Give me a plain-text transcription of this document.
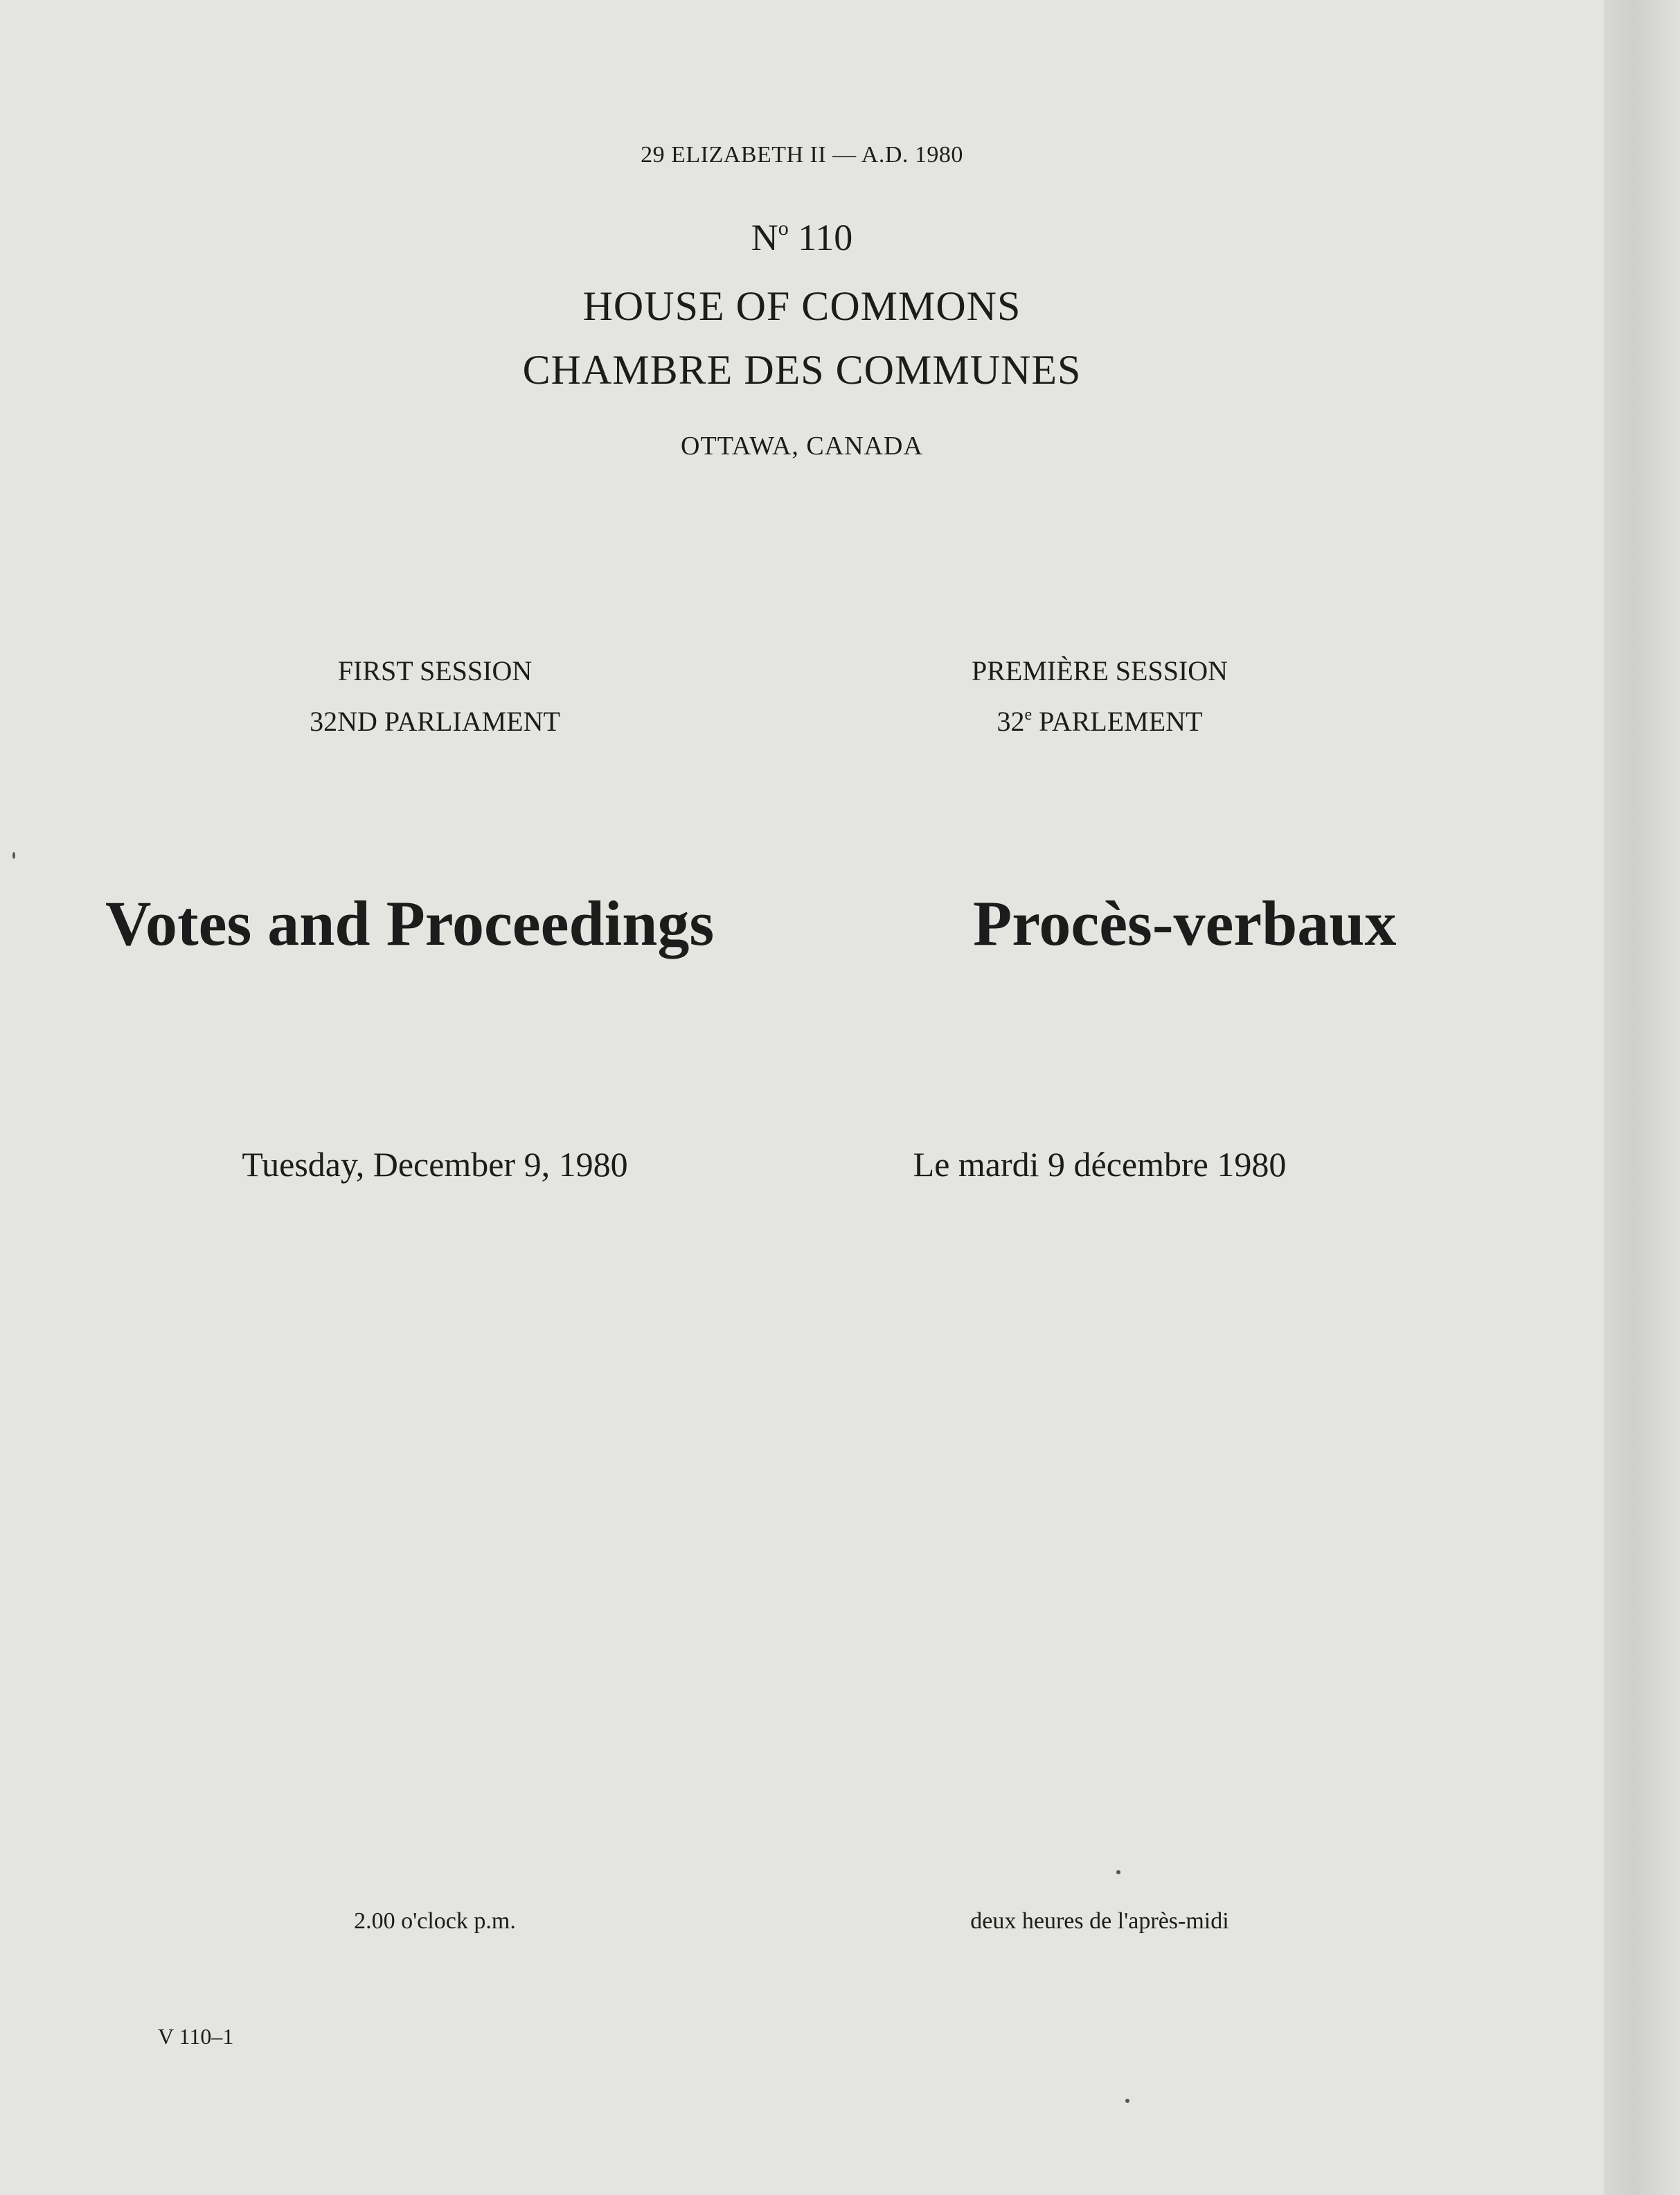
29 ELIZABETH II — A.D. 1980
$N^o$ 110
HOUSE OF COMMONS
CHAMBRE DES COMMUNES
OTTAWA, CANADA
FIRST SESSION	PREMIÈRE SESSION
32ND PARLIAMENT	32e PARLEMENT
Votes and Proceedings	Procès-verbaux
Tuesday, December 9, 1980	Le mardi 9 décembre 1980
2.00 o'clock p.m.	deux heures de l'après-midi
V 110–1
